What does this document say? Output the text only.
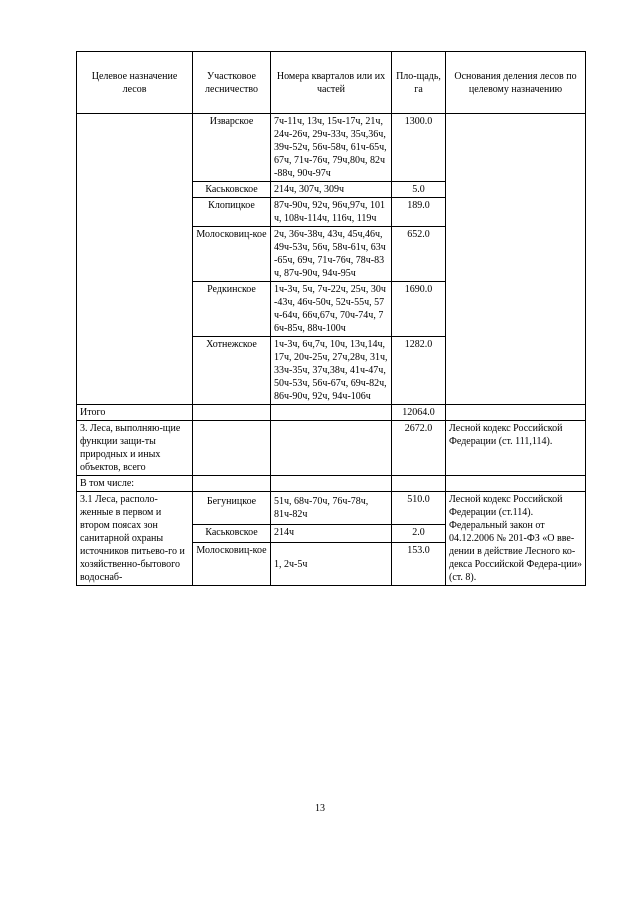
Целевое назначение лесов	Участковое лесничество	Номера кварталов или их частей	Пло-щадь, га	Основания деления лесов по целевому назначению
	Изварское	7ч-11ч, 13ч, 15ч-17ч, 21ч, 24ч-26ч, 29ч-33ч, 35ч,36ч, 39ч-52ч, 56ч-58ч, 61ч-65ч, 67ч, 71ч-76ч, 79ч,80ч, 82ч-88ч, 90ч-97ч	1300.0	
	Каськовское	214ч, 307ч, 309ч	5.0	
	Клопицкое	87ч-90ч, 92ч, 96ч,97ч, 101ч, 108ч-114ч, 116ч, 119ч	189.0	
	Молосковиц-кое	2ч, 36ч-38ч, 43ч, 45ч,46ч, 49ч-53ч, 56ч, 58ч-61ч, 63ч-65ч, 69ч, 71ч-76ч, 78ч-83ч, 87ч-90ч, 94ч-95ч	652.0	
	Редкинское	1ч-3ч, 5ч, 7ч-22ч, 25ч, 30ч-43ч, 46ч-50ч, 52ч-55ч, 57ч-64ч, 66ч,67ч, 70ч-74ч, 76ч-85ч, 88ч-100ч	1690.0	
	Хотнежское	1ч-3ч, 6ч,7ч, 10ч, 13ч,14ч, 17ч, 20ч-25ч, 27ч,28ч, 31ч, 33ч-35ч, 37ч,38ч, 41ч-47ч, 50ч-53ч, 56ч-67ч, 69ч-82ч, 86ч-90ч, 92ч, 94ч-106ч	1282.0	
Итого			12064.0	
3. Леса, выполняю-щие функции защи-ты природных и иных объектов, всего			2672.0	Лесной кодекс Российской Федерации (ст. 111,114).
В том числе:				
3.1 Леса, располо-женные в первом и втором поясах зон санитарной охраны источников питьево-го и хозяйственно-бытового водоснаб-	Бегуницкое	51ч, 68ч-70ч, 76ч-78ч, 81ч-82ч	510.0	Лесной кодекс Российской Федерации (ст.114). Федеральный закон от 04.12.2006 № 201-ФЗ «О вве-дении в действие Лесного ко-декса Российской Федера-ции» (ст. 8).
	Каськовское	214ч	2.0	
	Молосковиц-кое	1, 2ч-5ч	153.0	
13
